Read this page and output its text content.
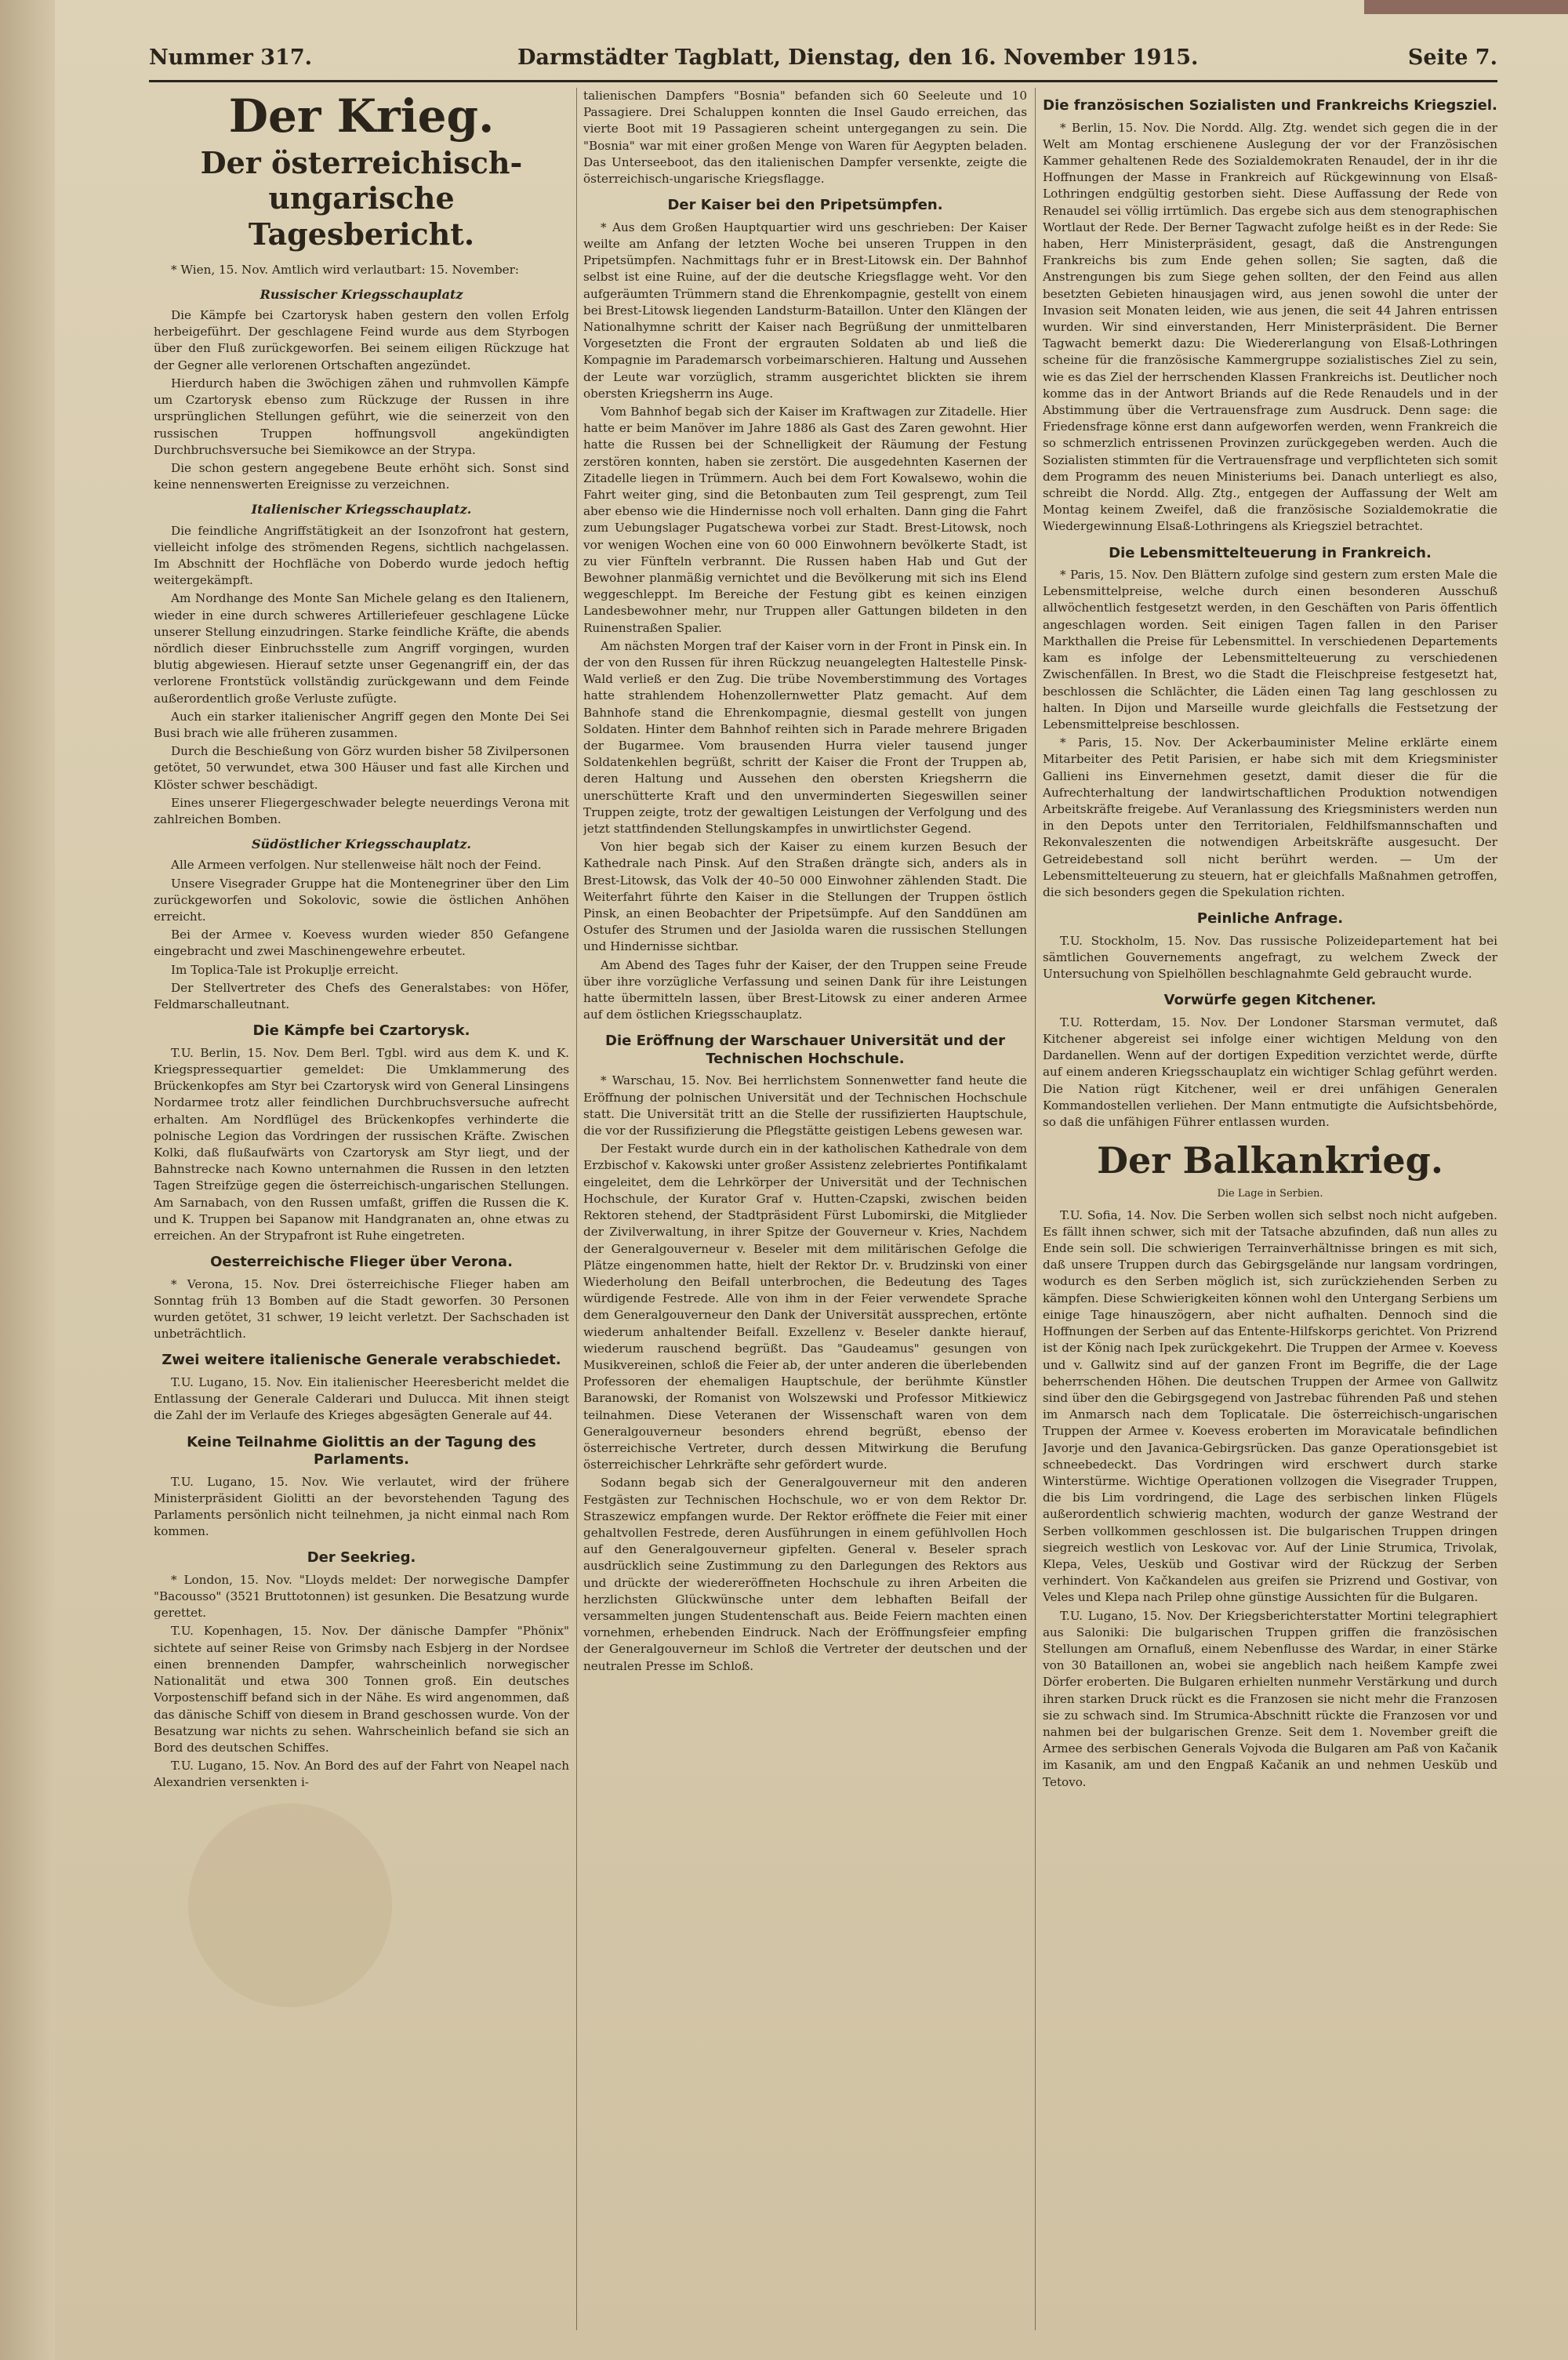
Nummer 317.	Darmstädter Tagblatt, Dienstag, den 16. November 1915.	Seite 7.
Der Krieg.
Der österreichisch-ungarische Tagesbericht.

* Wien, 15. Nov. Amtlich wird verlautbart: 15. November:

Russischer Kriegsschauplatz

Die Kämpfe bei Czartorysk haben gestern den vollen Erfolg herbeigeführt. Der geschlagene Feind wurde aus dem Styrbogen über den Fluß zurückgeworfen. Bei seinem eiligen Rückzuge hat der Gegner alle verlorenen Ortschaften angezündet.

Hierdurch haben die 3wöchigen zähen und ruhmvollen Kämpfe um Czartorysk ebenso zum Rückzuge der Russen in ihre ursprünglichen Stellungen geführt, wie die seinerzeit von den russischen Truppen hoffnungsvoll angekündigten Durchbruchsversuche bei Siemikowce an der Strypa.

Die schon gestern angegebene Beute erhöht sich. Sonst sind keine nennenswerten Ereignisse zu verzeichnen.

Italienischer Kriegsschauplatz.

Die feindliche Angriffstätigkeit an der Isonzofront hat gestern, vielleicht infolge des strömenden Regens, sichtlich nachgelassen. Im Abschnitt der Hochfläche von Doberdo wurde jedoch heftig weitergekämpft.

Am Nordhange des Monte San Michele gelang es den Italienern, wieder in eine durch schweres Artilleriefeuer geschlagene Lücke unserer Stellung einzudringen. Starke feindliche Kräfte, die abends nördlich dieser Einbruchsstelle zum Angriff vorgingen, wurden blutig abgewiesen. Hierauf setzte unser Gegenangriff ein, der das verlorene Frontstück vollständig zurückgewann und dem Feinde außerordentlich große Verluste zufügte.

Auch ein starker italienischer Angriff gegen den Monte Dei Sei Busi brach wie alle früheren zusammen.

Durch die Beschießung von Görz wurden bisher 58 Zivilpersonen getötet, 50 verwundet, etwa 300 Häuser und fast alle Kirchen und Klöster schwer beschädigt.

Eines unserer Fliegergeschwader belegte neuerdings Verona mit zahlreichen Bomben.

Südöstlicher Kriegsschauplatz.

Alle Armeen verfolgen. Nur stellenweise hält noch der Feind.

Unsere Visegrader Gruppe hat die Montenegriner über den Lim zurückgeworfen und Sokolovic, sowie die östlichen Anhöhen erreicht.

Bei der Armee v. Koevess wurden wieder 850 Gefangene eingebracht und zwei Maschinengewehre erbeutet.

Im Toplica-Tale ist Prokuplje erreicht.

Der Stellvertreter des Chefs des Generalstabes: von Höfer, Feldmarschalleutnant.

Die Kämpfe bei Czartorysk.

T.U. Berlin, 15. Nov. Dem Berl. Tgbl. wird aus dem K. und K. Kriegspressequartier gemeldet: Die Umklammerung des Brückenkopfes am Styr bei Czartorysk wird von General Linsingens Nordarmee trotz aller feindlichen Durchbruchsversuche aufrecht erhalten. Am Nordflügel des Brückenkopfes verhinderte die polnische Legion das Vordringen der russischen Kräfte. Zwischen Kolki, daß flußaufwärts von Czartorysk am Styr liegt, und der Bahnstrecke nach Kowno unternahmen die Russen in den letzten Tagen Streifzüge gegen die österreichisch-ungarischen Stellungen. Am Sarnabach, von den Russen umfaßt, griffen die Russen die K. und K. Truppen bei Sapanow mit Handgranaten an, ohne etwas zu erreichen. An der Strypafront ist Ruhe eingetreten.

Oesterreichische Flieger über Verona.

* Verona, 15. Nov. Drei österreichische Flieger haben am Sonntag früh 13 Bomben auf die Stadt geworfen. 30 Personen wurden getötet, 31 schwer, 19 leicht verletzt. Der Sachschaden ist unbeträchtlich.

Zwei weitere italienische Generale verabschiedet.

T.U. Lugano, 15. Nov. Ein italienischer Heeresbericht meldet die Entlassung der Generale Calderari und Dulucca. Mit ihnen steigt die Zahl der im Verlaufe des Krieges abgesägten Generale auf 44.

Keine Teilnahme Giolittis an der Tagung des Parlaments.

T.U. Lugano, 15. Nov. Wie verlautet, wird der frühere Ministerpräsident Giolitti an der bevorstehenden Tagung des Parlaments persönlich nicht teilnehmen, ja nicht einmal nach Rom kommen.

Der Seekrieg.

* London, 15. Nov. "Lloyds meldet: Der norwegische Dampfer "Bacousso" (3521 Bruttotonnen) ist gesunken. Die Besatzung wurde gerettet.

T.U. Kopenhagen, 15. Nov. Der dänische Dampfer "Phönix" sichtete auf seiner Reise von Grimsby nach Esbjerg in der Nordsee einen brennenden Dampfer, wahrscheinlich norwegischer Nationalität und etwa 300 Tonnen groß. Ein deutsches Vorpostenschiff befand sich in der Nähe. Es wird angenommen, daß das dänische Schiff von diesem in Brand geschossen wurde. Von der Besatzung war nichts zu sehen. Wahrscheinlich befand sie sich an Bord des deutschen Schiffes.

T.U. Lugano, 15. Nov. An Bord des auf der Fahrt von Neapel nach Alexandrien versenkten i-

talienischen Dampfers "Bosnia" befanden sich 60 Seeleute und 10 Passagiere. Drei Schaluppen konnten die Insel Gaudo erreichen, das vierte Boot mit 19 Passagieren scheint untergegangen zu sein. Die "Bosnia" war mit einer großen Menge von Waren für Aegypten beladen. Das Unterseeboot, das den italienischen Dampfer versenkte, zeigte die österreichisch-ungarische Kriegsflagge.

Der Kaiser bei den Pripetsümpfen.

* Aus dem Großen Hauptquartier wird uns geschrieben: Der Kaiser weilte am Anfang der letzten Woche bei unseren Truppen in den Pripetsümpfen. Nachmittags fuhr er in Brest-Litowsk ein. Der Bahnhof selbst ist eine Ruine, auf der die deutsche Kriegsflagge weht. Vor den aufgeräumten Trümmern stand die Ehrenkompagnie, gestellt von einem bei Brest-Litowsk liegenden Landsturm-Bataillon. Unter den Klängen der Nationalhymne schritt der Kaiser nach Begrüßung der unmittelbaren Vorgesetzten die Front der ergrauten Soldaten ab und ließ die Kompagnie im Parademarsch vorbeimarschieren. Haltung und Aussehen der Leute war vorzüglich, stramm ausgerichtet blickten sie ihrem obersten Kriegsherrn ins Auge.

Vom Bahnhof begab sich der Kaiser im Kraftwagen zur Zitadelle. Hier hatte er beim Manöver im Jahre 1886 als Gast des Zaren gewohnt. Hier hatte die Russen bei der Schnelligkeit der Räumung der Festung zerstören konnten, haben sie zerstört. Die ausgedehnten Kasernen der Zitadelle liegen in Trümmern. Auch bei dem Fort Kowalsewo, wohin die Fahrt weiter ging, sind die Betonbauten zum Teil gesprengt, zum Teil aber ebenso wie die Hindernisse noch voll erhalten. Dann ging die Fahrt zum Uebungslager Pugatschewa vorbei zur Stadt. Brest-Litowsk, noch vor wenigen Wochen eine von 60 000 Einwohnern bevölkerte Stadt, ist zu vier Fünfteln verbrannt. Die Russen haben Hab und Gut der Bewohner planmäßig vernichtet und die Bevölkerung mit sich ins Elend weggeschleppt. Im Bereiche der Festung gibt es keinen einzigen Landesbewohner mehr, nur Truppen aller Gattungen bildeten in den Ruinenstraßen Spalier.

Am nächsten Morgen traf der Kaiser vorn in der Front in Pinsk ein. In der von den Russen für ihren Rückzug neuangelegten Haltestelle Pinsk-Wald verließ er den Zug. Die trübe Novemberstimmung des Vortages hatte strahlendem Hohenzollernwetter Platz gemacht. Auf dem Bahnhofe stand die Ehrenkompagnie, diesmal gestellt von jungen Soldaten. Hinter dem Bahnhof reihten sich in Parade mehrere Brigaden der Bugarmee. Vom brausenden Hurra vieler tausend junger Soldatenkehlen begrüßt, schritt der Kaiser die Front der Truppen ab, deren Haltung und Aussehen den obersten Kriegsherrn die unerschütterte Kraft und den unverminderten Siegeswillen seiner Truppen zeigte, trotz der gewaltigen Leistungen der Verfolgung und des jetzt stattfindenden Stellungskampfes in unwirtlichster Gegend.

Von hier begab sich der Kaiser zu einem kurzen Besuch der Kathedrale nach Pinsk. Auf den Straßen drängte sich, anders als in Brest-Litowsk, das Volk der 40–50 000 Einwohner zählenden Stadt. Die Weiterfahrt führte den Kaiser in die Stellungen der Truppen östlich Pinsk, an einen Beobachter der Pripetsümpfe. Auf den Sanddünen am Ostufer des Strumen und der Jasiolda waren die russischen Stellungen und Hindernisse sichtbar.

Am Abend des Tages fuhr der Kaiser, der den Truppen seine Freude über ihre vorzügliche Verfassung und seinen Dank für ihre Leistungen hatte übermitteln lassen, über Brest-Litowsk zu einer anderen Armee auf dem östlichen Kriegsschauplatz.

Die Eröffnung der Warschauer Universität und der Technischen Hochschule.

* Warschau, 15. Nov. Bei herrlichstem Sonnenwetter fand heute die Eröffnung der polnischen Universität und der Technischen Hochschule statt. Die Universität tritt an die Stelle der russifizierten Hauptschule, die vor der Russifizierung die Pflegstätte geistigen Lebens gewesen war.

Der Festakt wurde durch ein in der katholischen Kathedrale von dem Erzbischof v. Kakowski unter großer Assistenz zelebriertes Pontifikalamt eingeleitet, dem die Lehrkörper der Universität und der Technischen Hochschule, der Kurator Graf v. Hutten-Czapski, zwischen beiden Rektoren stehend, der Stadtpräsident Fürst Lubomirski, die Mitglieder der Zivilverwaltung, in ihrer Spitze der Gouverneur v. Kries, Nachdem der Generalgouverneur v. Beseler mit dem militärischen Gefolge die Plätze eingenommen hatte, hielt der Rektor Dr. v. Brudzinski von einer Wiederholung den Beifall unterbrochen, die Bedeutung des Tages würdigende Festrede. Alle von ihm in der Feier verwendete Sprache dem Generalgouverneur den Dank der Universität aussprechen, ertönte wiederum anhaltender Beifall. Exzellenz v. Beseler dankte hierauf, wiederum rauschend begrüßt. Das "Gaudeamus" gesungen von Musikvereinen, schloß die Feier ab, der unter anderen die überlebenden Professoren der ehemaligen Hauptschule, der berühmte Künstler Baranowski, der Romanist von Wolszewski und Professor Mitkiewicz teilnahmen. Diese Veteranen der Wissenschaft waren von dem Generalgouverneur besonders ehrend begrüßt, ebenso der österreichische Vertreter, durch dessen Mitwirkung die Berufung österreichischer Lehrkräfte sehr gefördert wurde.

Sodann begab sich der Generalgouverneur mit den anderen Festgästen zur Technischen Hochschule, wo er von dem Rektor Dr. Straszewicz empfangen wurde. Der Rektor eröffnete die Feier mit einer gehaltvollen Festrede, deren Ausführungen in einem gefühlvollen Hoch auf den Generalgouverneur gipfelten. General v. Beseler sprach ausdrücklich seine Zustimmung zu den Darlegungen des Rektors aus und drückte der wiedereröffneten Hochschule zu ihren Arbeiten die herzlichsten Glückwünsche unter dem lebhaften Beifall der versammelten jungen Studentenschaft aus. Beide Feiern machten einen vornehmen, erhebenden Eindruck. Nach der Eröffnungsfeier empfing der Generalgouverneur im Schloß die Vertreter der deutschen und der neutralen Presse im Schloß.

Die französischen Sozialisten und Frankreichs Kriegsziel.

* Berlin, 15. Nov. Die Nordd. Allg. Ztg. wendet sich gegen die in der Welt am Montag erschienene Auslegung der vor der Französischen Kammer gehaltenen Rede des Sozialdemokraten Renaudel, der in ihr die Hoffnungen der Masse in Frankreich auf Rückgewinnung von Elsaß-Lothringen endgültig gestorben sieht. Diese Auffassung der Rede von Renaudel sei völlig irrtümlich. Das ergebe sich aus dem stenographischen Wortlaut der Rede. Der Berner Tagwacht zufolge heißt es in der Rede: Sie haben, Herr Ministerpräsident, gesagt, daß die Anstrengungen Frankreichs bis zum Ende gehen sollen; Sie sagten, daß die Anstrengungen bis zum Siege gehen sollten, der den Feind aus allen besetzten Gebieten hinausjagen wird, aus jenen sowohl die unter der Invasion seit Monaten leiden, wie aus jenen, die seit 44 Jahren entrissen wurden. Wir sind einverstanden, Herr Ministerpräsident. Die Berner Tagwacht bemerkt dazu: Die Wiedererlangung von Elsaß-Lothringen scheine für die französische Kammergruppe sozialistisches Ziel zu sein, wie es das Ziel der herrschenden Klassen Frankreichs ist. Deutlicher noch komme das in der Antwort Briands auf die Rede Renaudels und in der Abstimmung über die Vertrauensfrage zum Ausdruck. Denn sage: die Friedensfrage könne erst dann aufgeworfen werden, wenn Frankreich die so schmerzlich entrissenen Provinzen zurückgegeben werden. Auch die Sozialisten stimmten für die Vertrauensfrage und verpflichteten sich somit dem Programm des neuen Ministeriums bei. Danach unterliegt es also, schreibt die Nordd. Allg. Ztg., entgegen der Auffassung der Welt am Montag keinem Zweifel, daß die französische Sozialdemokratie die Wiedergewinnung Elsaß-Lothringens als Kriegsziel betrachtet.

Die Lebensmittelteuerung in Frankreich.

* Paris, 15. Nov. Den Blättern zufolge sind gestern zum ersten Male die Lebensmittelpreise, welche durch einen besonderen Ausschuß allwöchentlich festgesetzt werden, in den Geschäften von Paris öffentlich angeschlagen worden. Seit einigen Tagen fallen in den Pariser Markthallen die Preise für Lebensmittel. In verschiedenen Departements kam es infolge der Lebensmittelteuerung zu verschiedenen Zwischenfällen. In Brest, wo die Stadt die Fleischpreise festgesetzt hat, beschlossen die Schlächter, die Läden einen Tag lang geschlossen zu halten. In Dijon und Marseille wurde gleichfalls die Festsetzung der Lebensmittelpreise beschlossen.

* Paris, 15. Nov. Der Ackerbauminister Meline erklärte einem Mitarbeiter des Petit Parisien, er habe sich mit dem Kriegsminister Gallieni ins Einvernehmen gesetzt, damit dieser die für die Aufrechterhaltung der landwirtschaftlichen Produktion notwendigen Arbeitskräfte freigebe. Auf Veranlassung des Kriegsministers werden nun in den Depots unter den Territorialen, Feldhilfsmannschaften und Rekonvaleszenten die notwendigen Arbeitskräfte ausgesucht. Der Getreidebestand soll nicht berührt werden. — Um der Lebensmittelteuerung zu steuern, hat er gleichfalls Maßnahmen getroffen, die sich besonders gegen die Spekulation richten.

Peinliche Anfrage.

T.U. Stockholm, 15. Nov. Das russische Polizeidepartement hat bei sämtlichen Gouvernements angefragt, zu welchem Zweck der Untersuchung von Spielhöllen beschlagnahmte Geld gebraucht wurde.

Vorwürfe gegen Kitchener.

T.U. Rotterdam, 15. Nov. Der Londoner Starsman vermutet, daß Kitchener abgereist sei infolge einer wichtigen Meldung von den Dardanellen. Wenn auf der dortigen Expedition verzichtet werde, dürfte auf einem anderen Kriegsschauplatz ein wichtiger Schlag geführt werden. Die Nation rügt Kitchener, weil er drei unfähigen Generalen Kommandostellen verliehen. Der Mann entmutigte die Aufsichtsbehörde, so daß die unfähigen Führer entlassen wurden.

Der Balkankrieg.
Die Lage in Serbien.

T.U. Sofia, 14. Nov. Die Serben wollen sich selbst noch nicht aufgeben. Es fällt ihnen schwer, sich mit der Tatsache abzufinden, daß nun alles zu Ende sein soll. Die schwierigen Terrainverhältnisse bringen es mit sich, daß unsere Truppen durch das Gebirgsgelände nur langsam vordringen, wodurch es den Serben möglich ist, sich zurückziehenden Serben zu kämpfen. Diese Schwierigkeiten können wohl den Untergang Serbiens um einige Tage hinauszögern, aber nicht aufhalten. Dennoch sind die Hoffnungen der Serben auf das Entente-Hilfskorps gerichtet. Von Prizrend ist der König nach Ipek zurückgekehrt. Die Truppen der Armee v. Koevess und v. Gallwitz sind auf der ganzen Front im Begriffe, die der Lage beherrschenden Höhen. Die deutschen Truppen der Armee von Gallwitz sind über den die Gebirgsgegend von Jastrebac führenden Paß und stehen im Anmarsch nach dem Toplicatale. Die österreichisch-ungarischen Truppen der Armee v. Koevess eroberten im Moravicatale befindlichen Javorje und den Javanica-Gebirgsrücken. Das ganze Operationsgebiet ist schneebedeckt. Das Vordringen wird erschwert durch starke Winterstürme. Wichtige Operationen vollzogen die Visegrader Truppen, die bis Lim vordringend, die Lage des serbischen linken Flügels außerordentlich schwierig machten, wodurch der ganze Westrand der Serben vollkommen geschlossen ist. Die bulgarischen Truppen dringen siegreich westlich von Leskovac vor. Auf der Linie Strumica, Trivolak, Klepa, Veles, Uesküb und Gostivar wird der Rückzug der Serben verhindert. Von Kačkandelen aus greifen sie Prizrend und Gostivar, von Veles und Klepa nach Prilep ohne günstige Aussichten für die Bulgaren.

T.U. Lugano, 15. Nov. Der Kriegsberichterstatter Mortini telegraphiert aus Saloniki: Die bulgarischen Truppen griffen die französischen Stellungen am Ornafluß, einem Nebenflusse des Wardar, in einer Stärke von 30 Bataillonen an, wobei sie angeblich nach heißem Kampfe zwei Dörfer eroberten. Die Bulgaren erhielten nunmehr Verstärkung und durch ihren starken Druck rückt es die Franzosen sie nicht mehr die Franzosen sie zu schwach sind. Im Strumica-Abschnitt rückte die Franzosen vor und nahmen bei der bulgarischen Grenze. Seit dem 1. November greift die Armee des serbischen Generals Vojvoda die Bulgaren am Paß von Kačanik im Kasanik, am und den Engpaß Kačanik an und nehmen Uesküb und Tetovo.
